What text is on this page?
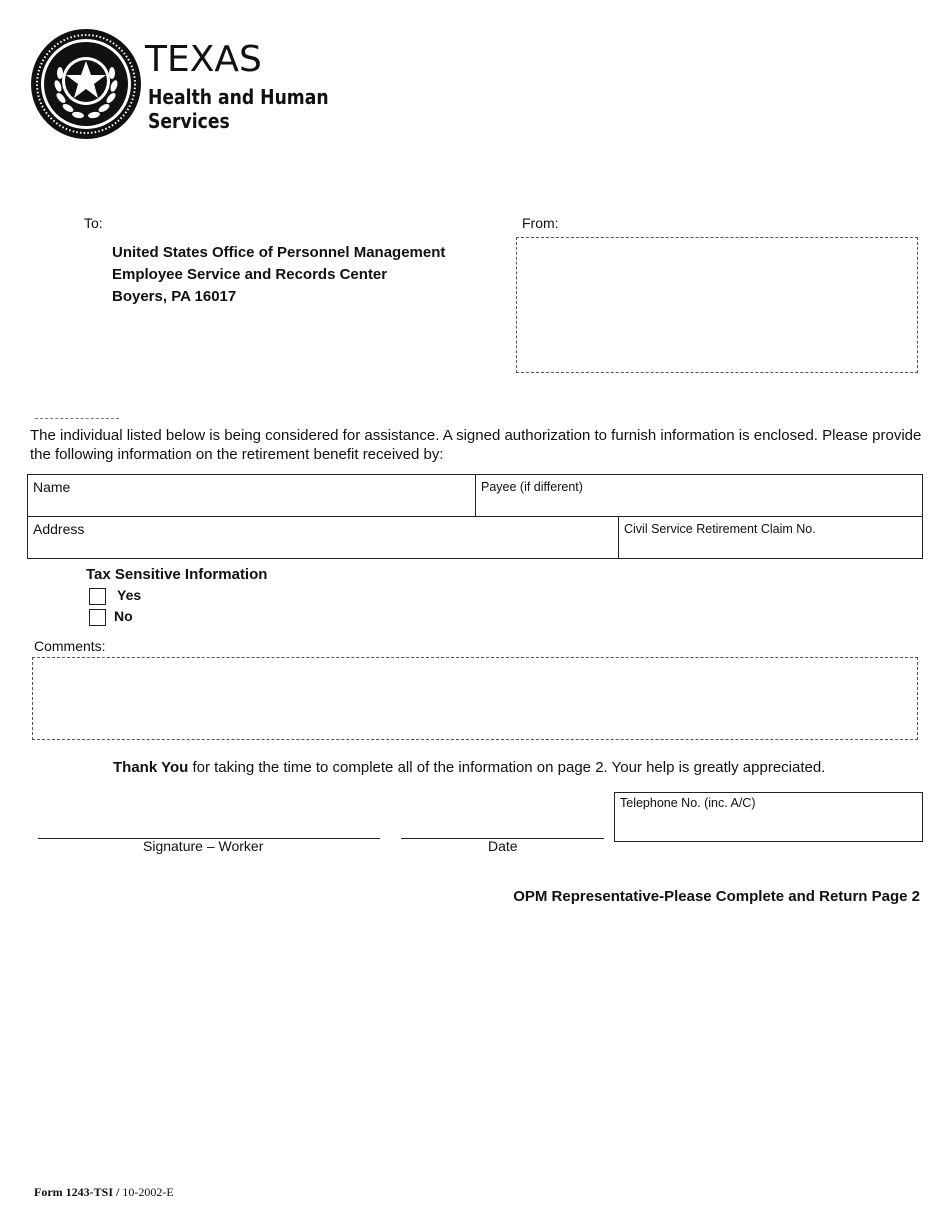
TEXAS
Health and Human
Services
To:
United States Office of Personnel Management
Employee Service and Records Center
Boyers, PA 16017
From:
The individual listed below is being considered for assistance. A signed authorization to furnish information is enclosed. Please provide the following information on the retirement benefit received by:
Name	Payee (if different)
Address	Civil Service Retirement Claim No.
Tax Sensitive Information
Yes
No
Comments:
Thank You for taking the time to complete all of the information on page 2. Your help is greatly appreciated.
Signature – Worker	Date
Telephone No. (inc. A/C)
OPM Representative-Please Complete and Return Page 2
Form 1243-TSI / 10-2002-E
